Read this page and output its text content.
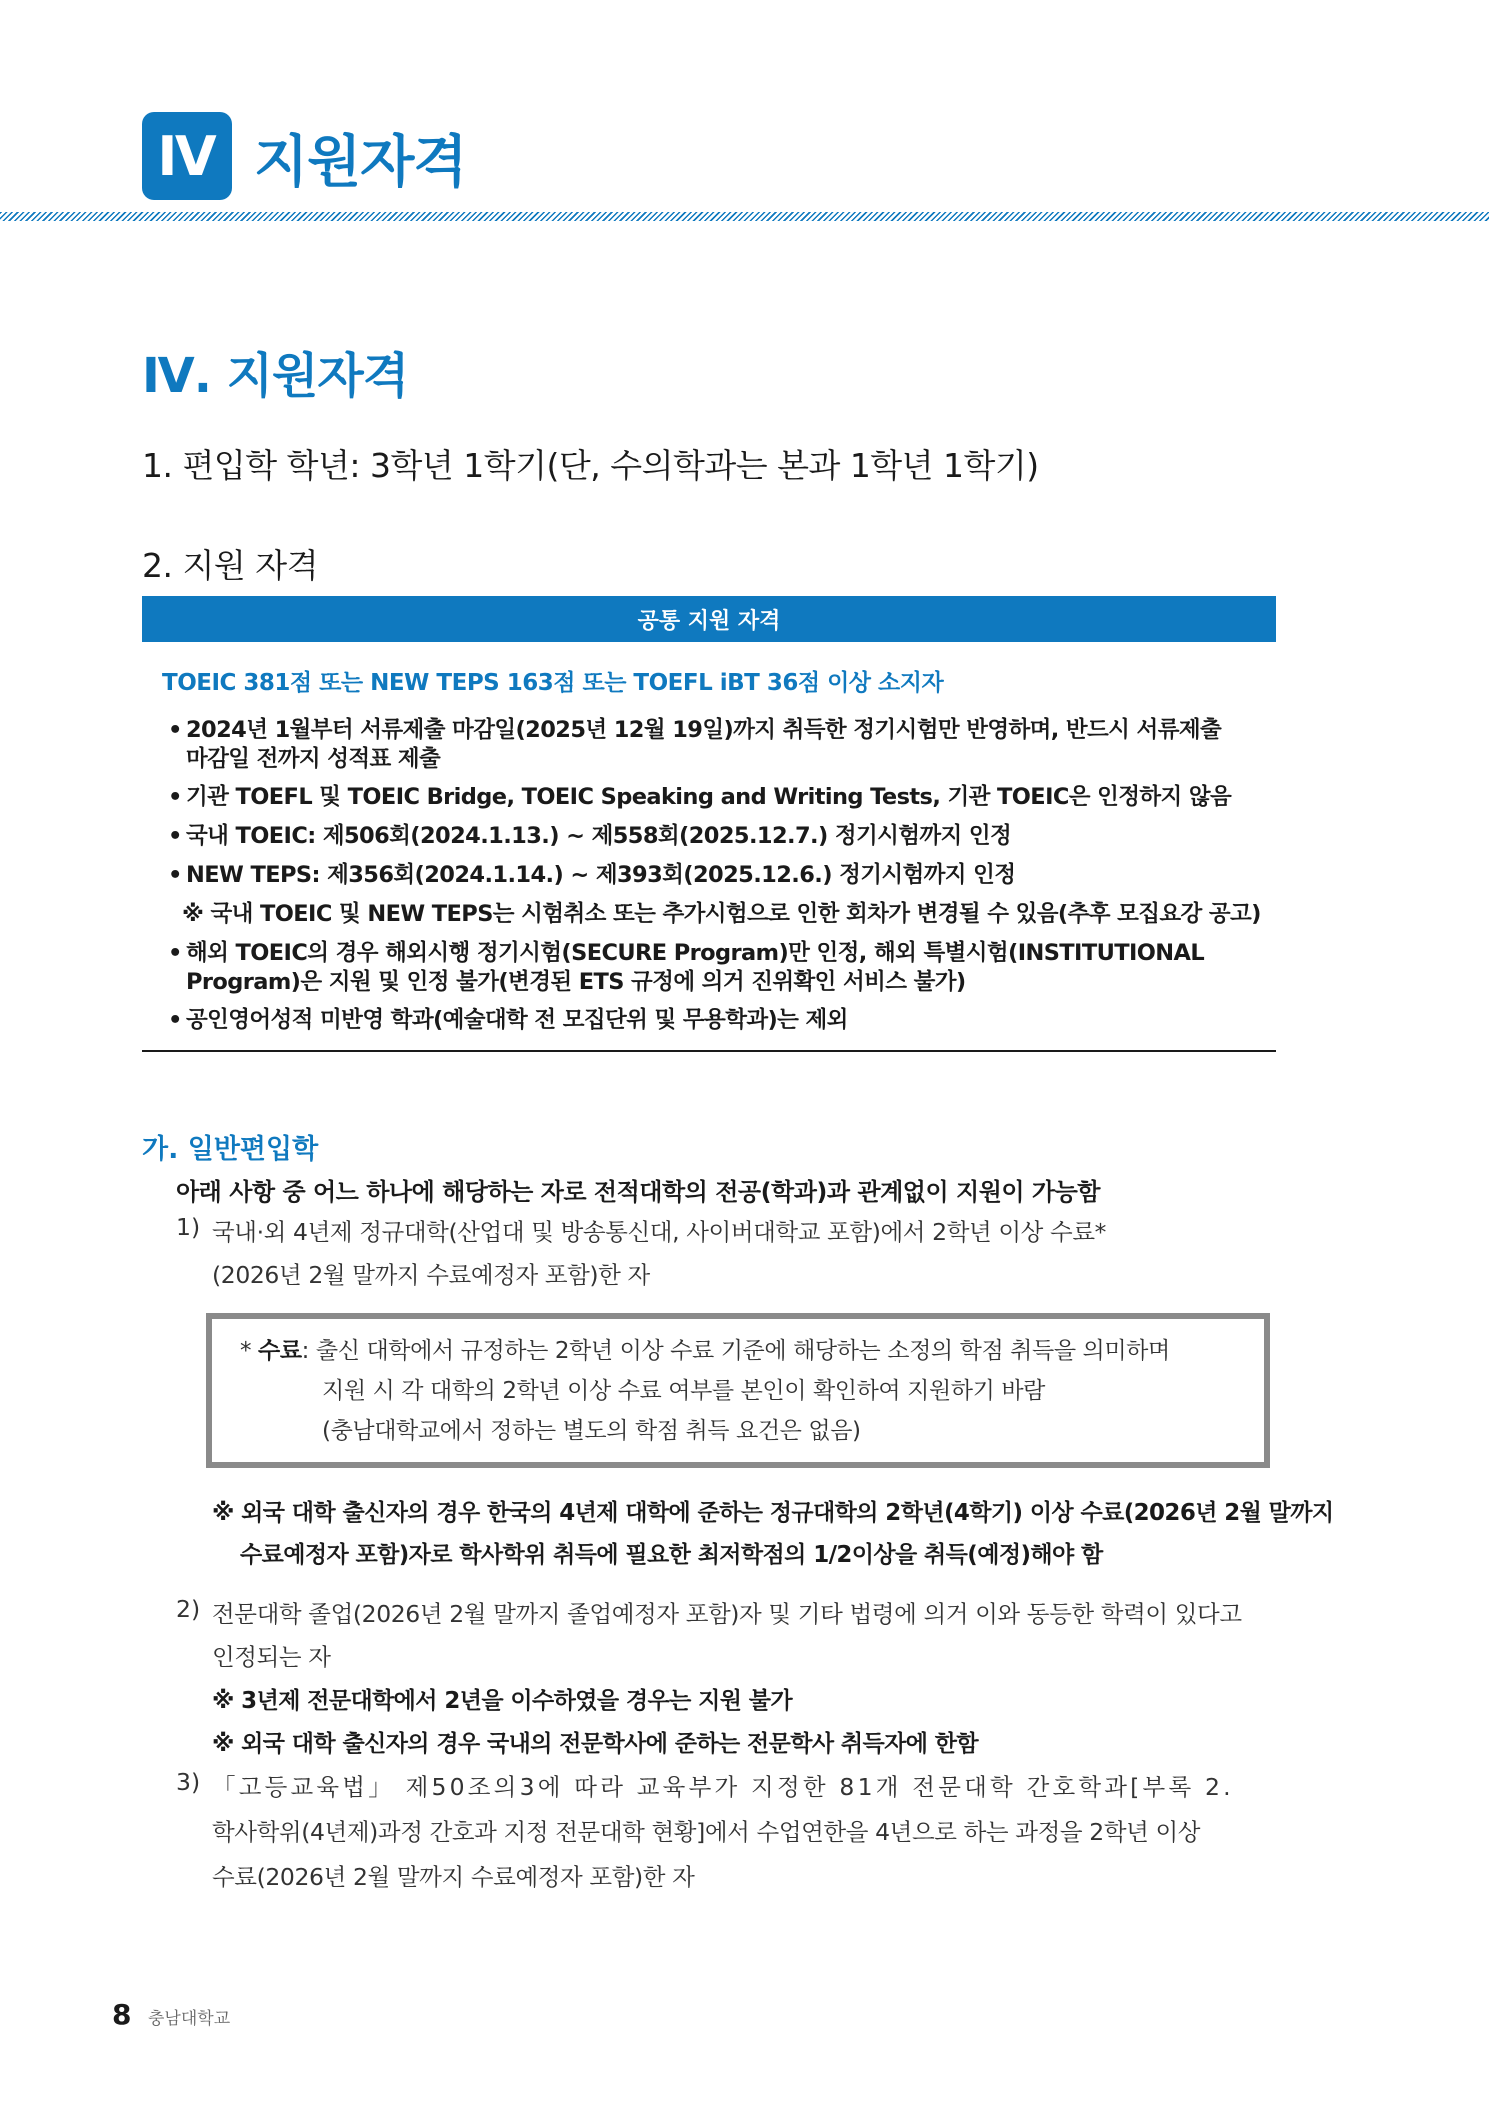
Ⅳ 지원자격
Ⅳ. 지원자격
1. 편입학 학년: 3학년 1학기(단, 수의학과는 본과 1학년 1학기)
2. 지원 자격
공통 지원 자격
TOEIC 381점 또는 NEW TEPS 163점 또는 TOEFL iBT 36점 이상 소지자
• 2024년 1월부터 서류제출 마감일(2025년 12월 19일)까지 취득한 정기시험만 반영하며, 반드시 서류제출
마감일 전까지 성적표 제출
• 기관 TOEFL 및 TOEIC Bridge, TOEIC Speaking and Writing Tests, 기관 TOEIC은 인정하지 않음
• 국내 TOEIC: 제506회(2024.1.13.) ~ 제558회(2025.12.7.) 정기시험까지 인정
• NEW TEPS: 제356회(2024.1.14.) ~ 제393회(2025.12.6.) 정기시험까지 인정
※ 국내 TOEIC 및 NEW TEPS는 시험취소 또는 추가시험으로 인한 회차가 변경될 수 있음(추후 모집요강 공고)
• 해외 TOEIC의 경우 해외시행 정기시험(SECURE Program)만 인정, 해외 특별시험(INSTITUTIONAL
Program)은 지원 및 인정 불가(변경된 ETS 규정에 의거 진위확인 서비스 불가)
• 공인영어성적 미반영 학과(예술대학 전 모집단위 및 무용학과)는 제외
가. 일반편입학
아래 사항 중 어느 하나에 해당하는 자로 전적대학의 전공(학과)과 관계없이 지원이 가능함
1) 국내·외 4년제 정규대학(산업대 및 방송통신대, 사이버대학교 포함)에서 2학년 이상 수료*
(2026년 2월 말까지 수료예정자 포함)한 자
* 수료: 출신 대학에서 규정하는 2학년 이상 수료 기준에 해당하는 소정의 학점 취득을 의미하며
지원 시 각 대학의 2학년 이상 수료 여부를 본인이 확인하여 지원하기 바람
(충남대학교에서 정하는 별도의 학점 취득 요건은 없음)
※ 외국 대학 출신자의 경우 한국의 4년제 대학에 준하는 정규대학의 2학년(4학기) 이상 수료(2026년 2월 말까지
수료예정자 포함)자로 학사학위 취득에 필요한 최저학점의 1/2이상을 취득(예정)해야 함
2) 전문대학 졸업(2026년 2월 말까지 졸업예정자 포함)자 및 기타 법령에 의거 이와 동등한 학력이 있다고
인정되는 자
※ 3년제 전문대학에서 2년을 이수하였을 경우는 지원 불가
※ 외국 대학 출신자의 경우 국내의 전문학사에 준하는 전문학사 취득자에 한함
3) 「고등교육법」 제50조의3에 따라 교육부가 지정한 81개 전문대학 간호학과[부록 2.
학사학위(4년제)과정 간호과 지정 전문대학 현황]에서 수업연한을 4년으로 하는 과정을 2학년 이상
수료(2026년 2월 말까지 수료예정자 포함)한 자
8 충남대학교
